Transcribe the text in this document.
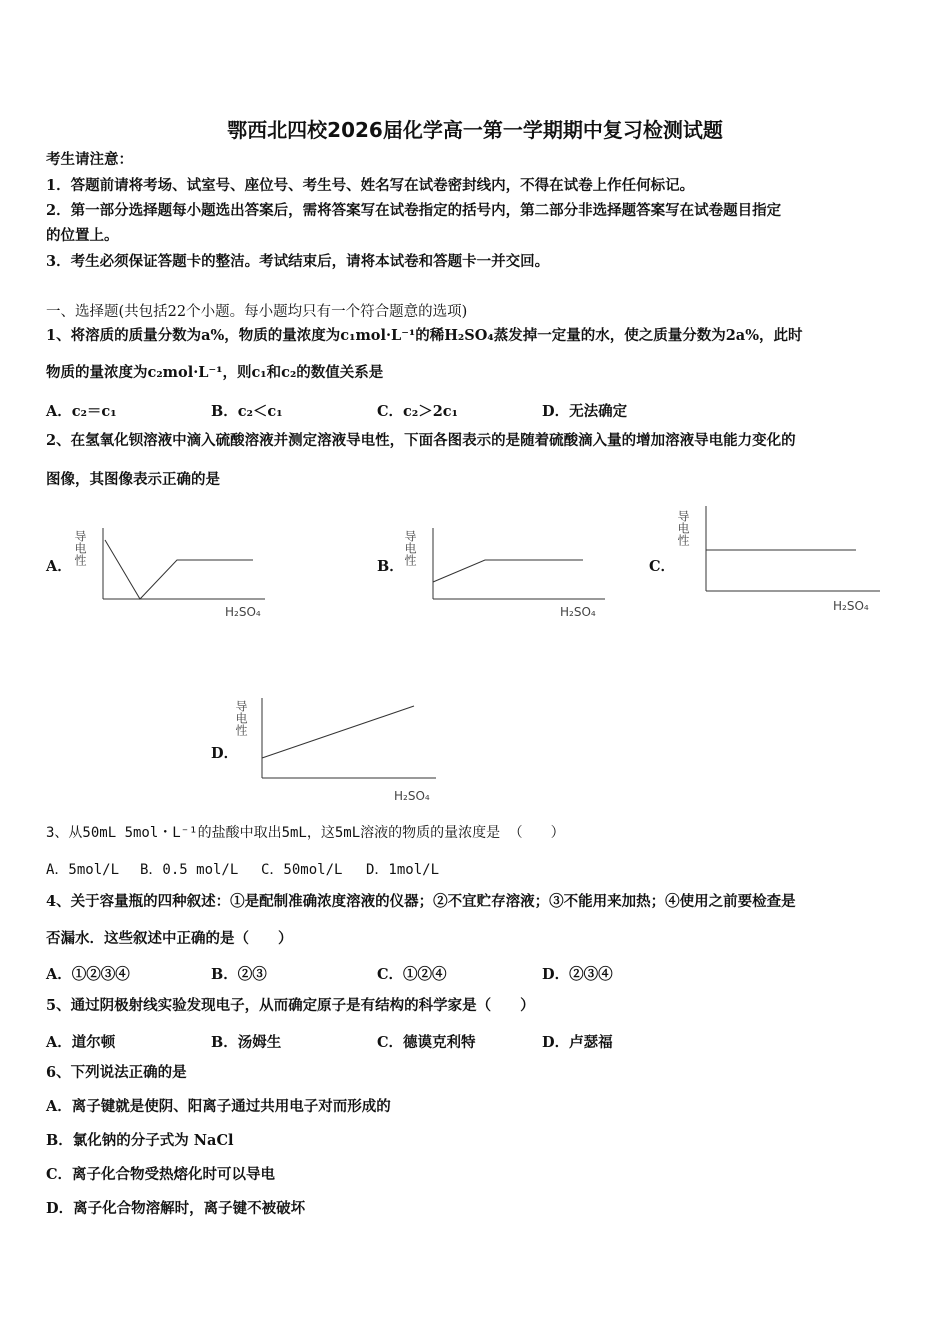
鄂西北四校2026届化学高一第一学期期中复习检测试题
考生请注意：
1．答题前请将考场、试室号、座位号、考生号、姓名写在试卷密封线内，不得在试卷上作任何标记。
2．第一部分选择题每小题选出答案后，需将答案写在试卷指定的括号内，第二部分非选择题答案写在试卷题目指定
的位置上。
3．考生必须保证答题卡的整洁。考试结束后，请将本试卷和答题卡一并交回。
一、选择题(共包括22个小题。每小题均只有一个符合题意的选项)
1、将溶质的质量分数为a%，物质的量浓度为c₁mol·L⁻¹的稀H₂SO₄蒸发掉一定量的水，使之质量分数为2a%，此时
物质的量浓度为c₂mol·L⁻¹，则c₁和c₂的数值关系是
A．c₂＝c₁	B．c₂＜c₁	C．c₂＞2c₁	D．无法确定
2、在氢氧化钡溶液中滴入硫酸溶液并测定溶液导电性，下面各图表示的是随着硫酸滴入量的增加溶液导电能力变化的
图像，其图像表示正确的是
A．
导电性
H₂SO₄
B．
导电性
H₂SO₄
C．
导电性
H₂SO₄
D．
导电性
H₂SO₄
3、从50mL 5mol・L⁻¹的盐酸中取出5mL，这5mL溶液的物质的量浓度是 （　　）
A．5mol/L B．0.5 mol/L C．50mol/L D．1mol/L
4、关于容量瓶的四种叙述：①是配制准确浓度溶液的仪器；②不宜贮存溶液；③不能用来加热；④使用之前要检查是
否漏水．这些叙述中正确的是（　　）
A．①②③④	B．②③	C．①②④	D．②③④
5、通过阴极射线实验发现电子，从而确定原子是有结构的科学家是（　　）
A．道尔顿	B．汤姆生	C．德谟克利特	D．卢瑟福
6、下列说法正确的是
A．离子键就是使阴、阳离子通过共用电子对而形成的
B．氯化钠的分子式为 NaCl
C．离子化合物受热熔化时可以导电
D．离子化合物溶解时，离子键不被破坏
